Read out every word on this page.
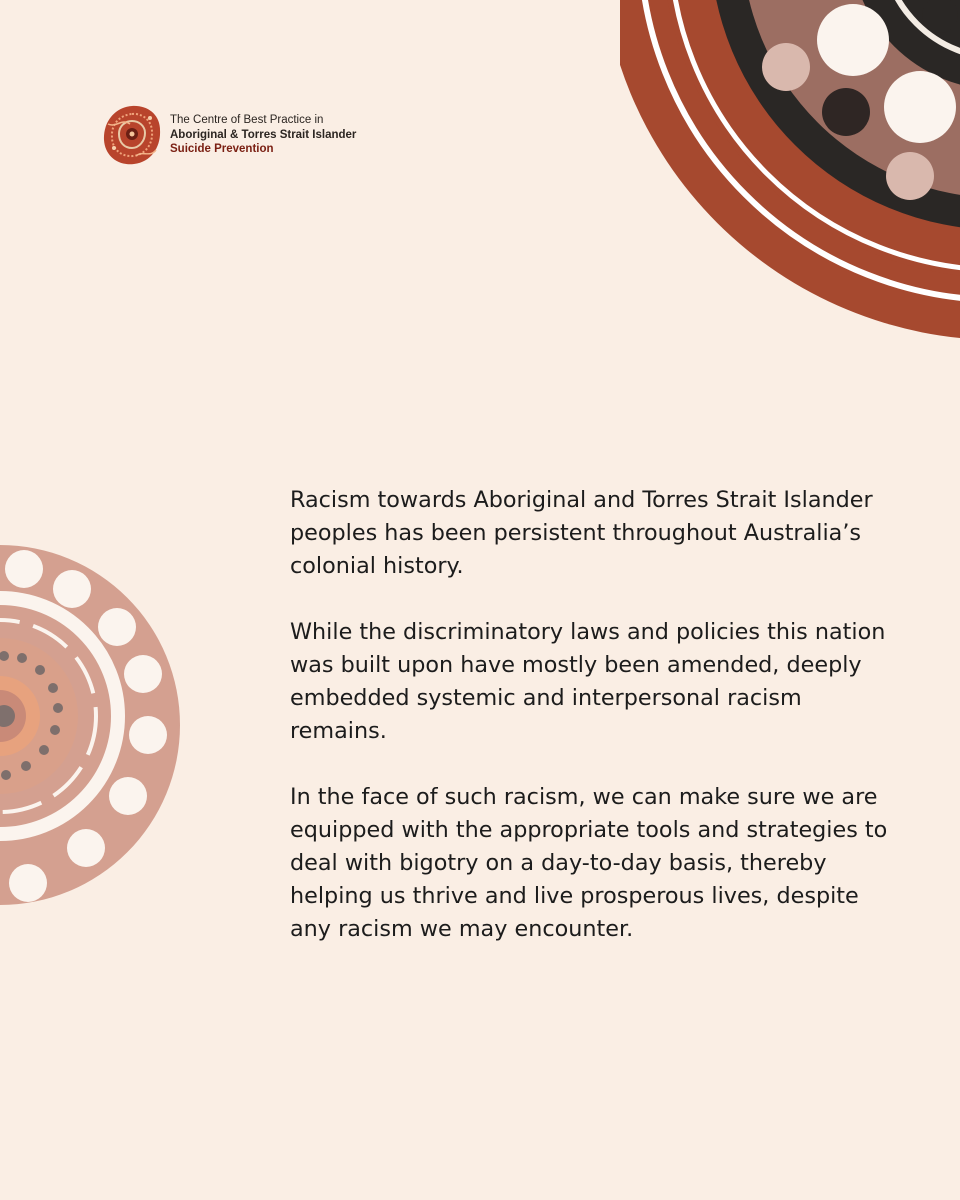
The Centre of Best Practice in
Aboriginal & Torres Strait Islander
Suicide Prevention

Racism towards Aboriginal and Torres Strait Islander peoples has been persistent throughout Australia’s colonial history.

While the discriminatory laws and policies this nation was built upon have mostly been amended, deeply embedded systemic and interpersonal racism remains.

In the face of such racism, we can make sure we are equipped with the appropriate tools and strategies to deal with bigotry on a day-to-day basis, thereby helping us thrive and live prosperous lives, despite any racism we may encounter.
